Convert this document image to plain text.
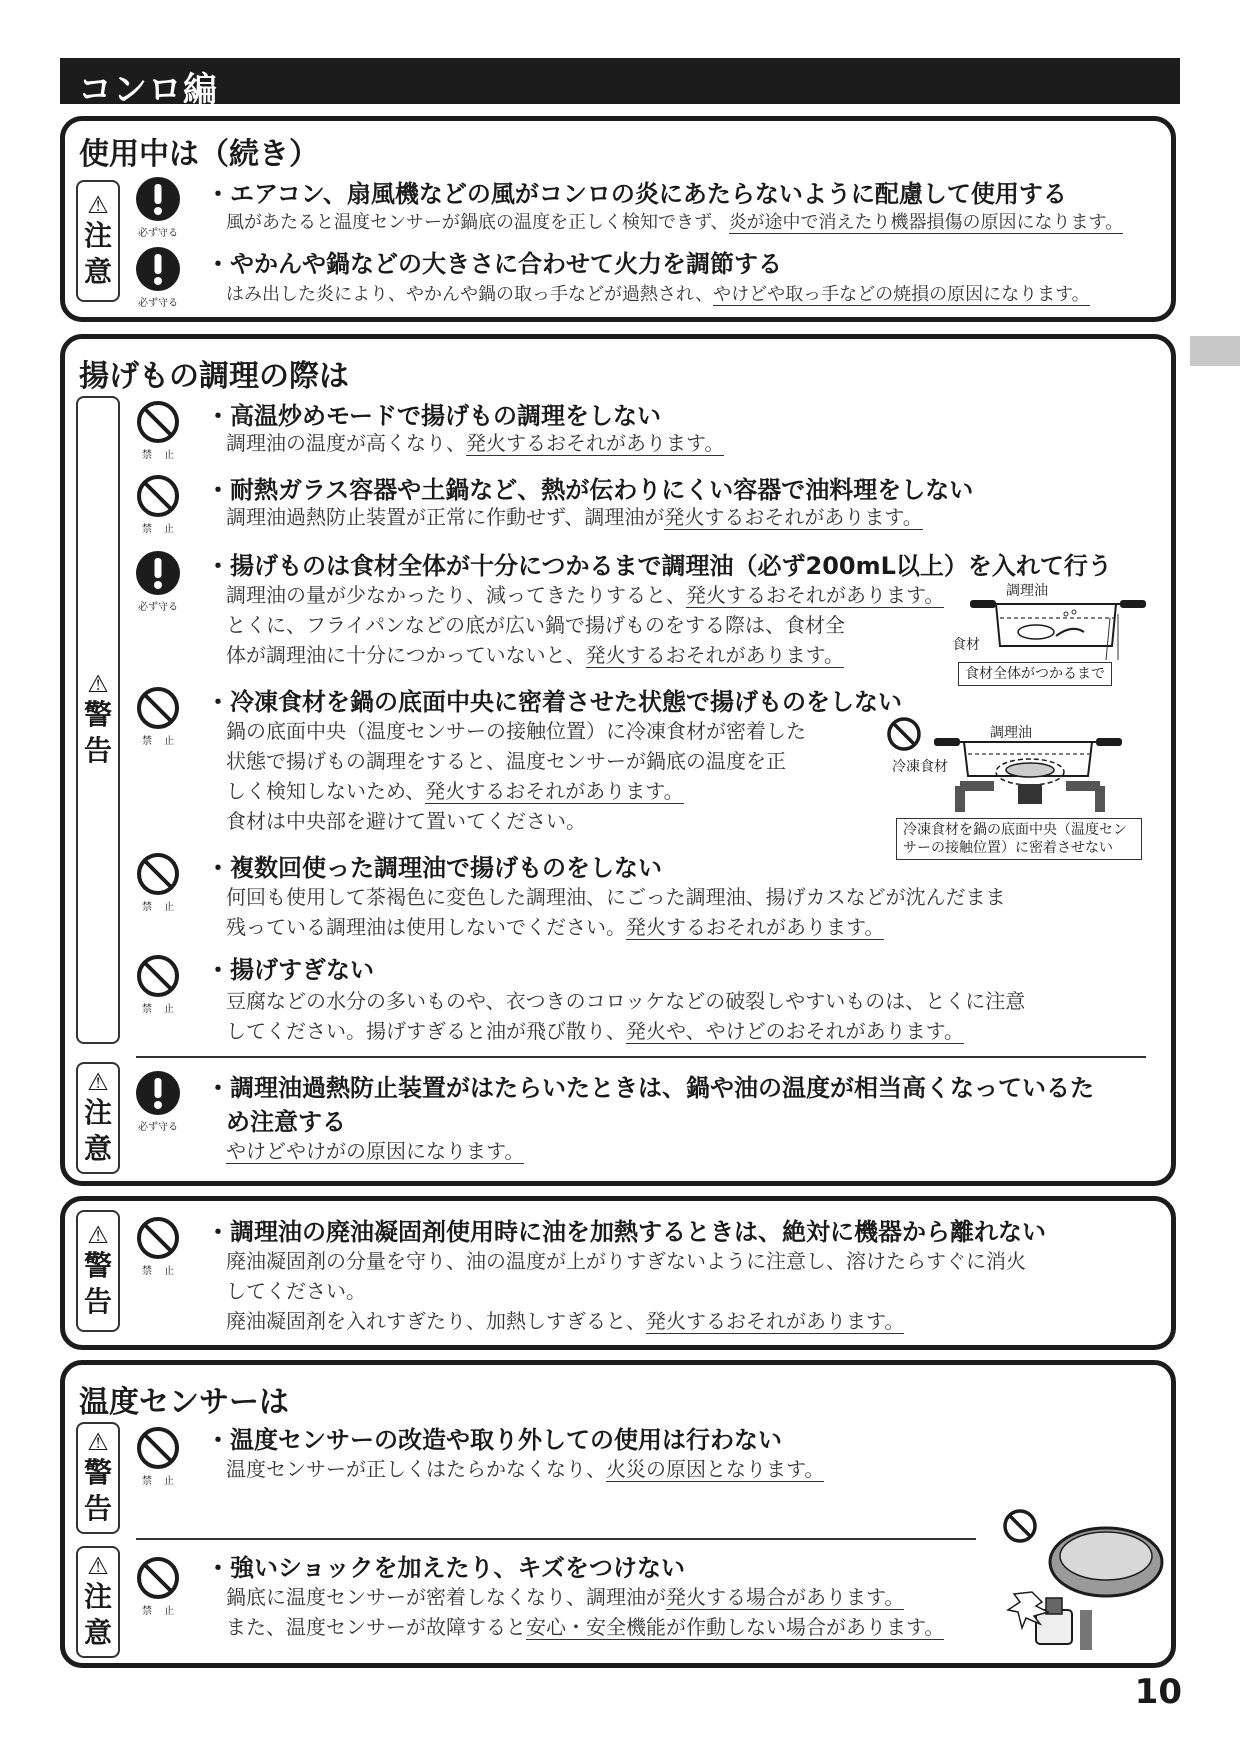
コンロ編
使用中は（続き）
⚠
注
意
必ず守る
・エアコン、扇風機などの風がコンロの炎にあたらないように配慮して使用する
風があたると温度センサーが鍋底の温度を正しく検知できず、炎が途中で消えたり機器損傷の原因になります。
必ず守る
・やかんや鍋などの大きさに合わせて火力を調節する
はみ出した炎により、やかんや鍋の取っ手などが過熱され、やけどや取っ手などの焼損の原因になります。
揚げもの調理の際は
⚠
警
告
禁止
・高温炒めモードで揚げもの調理をしない
調理油の温度が高くなり、発火するおそれがあります。
禁止
・耐熱ガラス容器や土鍋など、熱が伝わりにくい容器で油料理をしない
調理油過熱防止装置が正常に作動せず、調理油が発火するおそれがあります。
必ず守る
・揚げものは食材全体が十分につかるまで調理油（必ず200mL以上）を入れて行う
調理油の量が少なかったり、減ってきたりすると、発火するおそれがあります。
とくに、フライパンなどの底が広い鍋で揚げものをする際は、食材全
体が調理油に十分につかっていないと、発火するおそれがあります。
調理油
食材
食材全体がつかるまで
禁止
・冷凍食材を鍋の底面中央に密着させた状態で揚げものをしない
鍋の底面中央（温度センサーの接触位置）に冷凍食材が密着した
状態で揚げもの調理をすると、温度センサーが鍋底の温度を正
しく検知しないため、発火するおそれがあります。
食材は中央部を避けて置いてください。
調理油
冷凍食材
冷凍食材を鍋の底面中央（温度センサーの接触位置）に密着させない
禁止
・複数回使った調理油で揚げものをしない
何回も使用して茶褐色に変色した調理油、にごった調理油、揚げカスなどが沈んだまま
残っている調理油は使用しないでください。発火するおそれがあります。
禁止
・揚げすぎない
豆腐などの水分の多いものや、衣つきのコロッケなどの破裂しやすいものは、とくに注意
してください。揚げすぎると油が飛び散り、発火や、やけどのおそれがあります。
⚠
注
意
必ず守る
・調理油過熱防止装置がはたらいたときは、鍋や油の温度が相当高くなっているた
め注意する
やけどやけがの原因になります。
⚠
警
告
禁止
・調理油の廃油凝固剤使用時に油を加熱するときは、絶対に機器から離れない
廃油凝固剤の分量を守り、油の温度が上がりすぎないように注意し、溶けたらすぐに消火
してください。
廃油凝固剤を入れすぎたり、加熱しすぎると、発火するおそれがあります。
温度センサーは
⚠
警
告
禁止
・温度センサーの改造や取り外しての使用は行わない
温度センサーが正しくはたらかなくなり、火災の原因となります。
⚠
注
意
禁止
・強いショックを加えたり、キズをつけない
鍋底に温度センサーが密着しなくなり、調理油が発火する場合があります。
また、温度センサーが故障すると安心・安全機能が作動しない場合があります。
10
